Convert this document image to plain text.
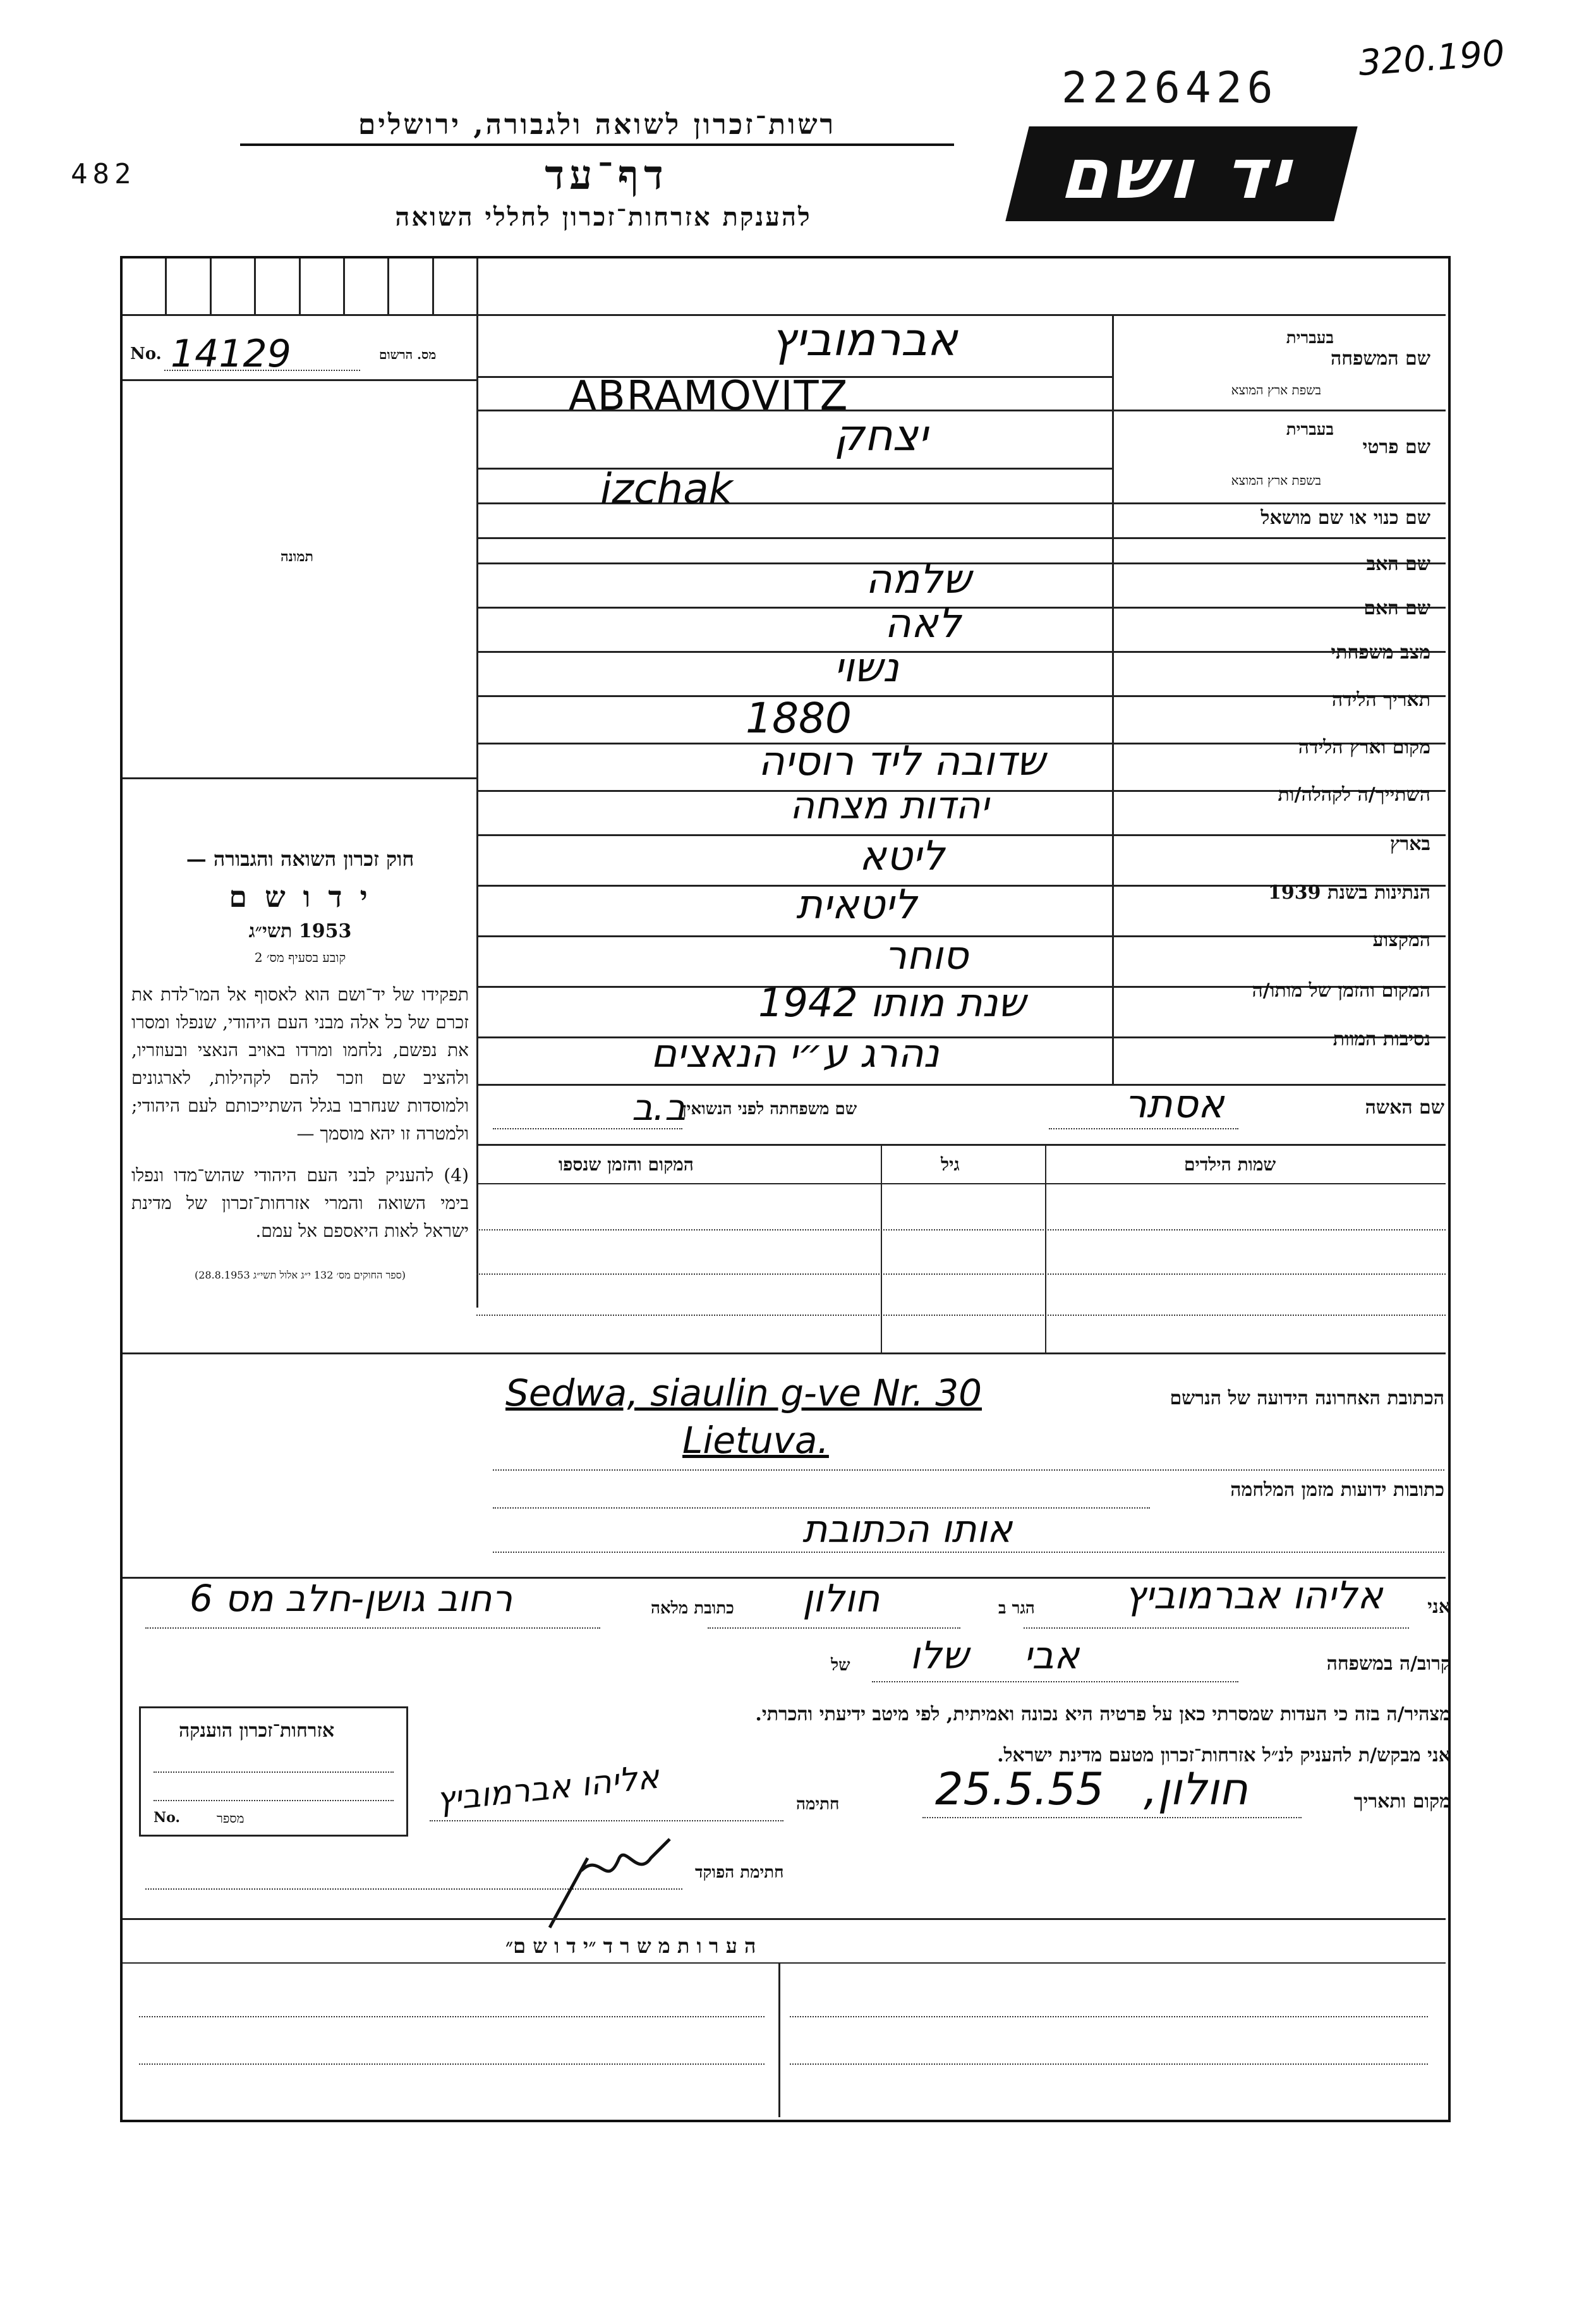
320.190
2226426
482
רשות־זכרון לשואה ולגבורה, ירושלים
דף־עד
להענקת אזרחות־זכרון לחללי השואה
יד ושם
No. 14129	מס. הרשום
תמונה
חוק זכרון השואה והגבורה —
י ד ו ש ם
1953 תשי״ג
קובע בסעיף מס׳ 2
תפקידו של יד־ושם הוא לאסוף אל המו־לדת את זכרם של כל אלה מבני העם היהודי, שנפלו ומסרו את נפשם, נלחמו ומרדו באויב הנאצי ובעוזריו, ולהציב שם וזכר להם לקהילות, לארגונים ולמוסדות שנחרבו בגלל השתייכותם לעם היהודי; ולמטרה זו יהא מוסמך —
(4) להעניק לבני העם היהודי שהוש־מדו ונפלו בימי השואה והמרי אזרחות־זכרון של מדינת ישראל לאות היאספם אל עמם.
(ספר החוקים מס׳ 132 י״ג אלול תשי״ג 28.8.1953)
שם המשפחה
בעברית
בשפת ארץ המוצא
אברמוביץ
ABRAMOVITZ
שם פרטי
בעברית
בשפת ארץ המוצא
יצחק
izchak
שם כנוי או שם מושאל
שם האב
שלמה
שם האם
לאה
מצב משפחתי
נשוי
תאריך הלידה
1880
מקום וארץ הלידה
שדובה ליד רוסיה
השתייך/ה לקהלה/ות
יהדות מצחה
בארץ
ליטא
הנתינות בשנת 1939
ליטאית
המקצוע
סוחר
המקום והזמן של מותו/ה
שנת מותו 1942
נסיבות המוות
נהרג ע״י הנאצים
שם האשה
אסתר
שם משפחתה לפני הנשואין
ב.ב
שמות הילדים
גיל
המקום והזמן שנספו
הכתובת האחרונה הידועה של הנרשם
Sedwa, siaulin g-ve Nr. 30
Lietuva.
כתובות ידועות מזמן המלחמה
אותו הכתובת
אני
אליהו אברמוביץ
הגר ב
חולון
כתובת מלאה
רחוב גושן-חלב מס 6
קרוב/ה במשפחה
אבי
שלו
של
מצהיר/ה בזה כי העדות שמסרתי כאן על פרטיה היא נכונה ואמיתית, לפי מיטב ידיעתי והכרתי.
אני מבקש/ת להעניק לנ״ל אזרחות־זכרון מטעם מדינת ישראל.
מקום ותאריך
חולון,
25.5.55
חתימה
אליהו אברמוביץ
חתימת הפוקד
אזרחות־זכרון הוענקה
No.	מספר
ה ע ר ו ת מ ש ר ד ״י ד ו ש ם״
